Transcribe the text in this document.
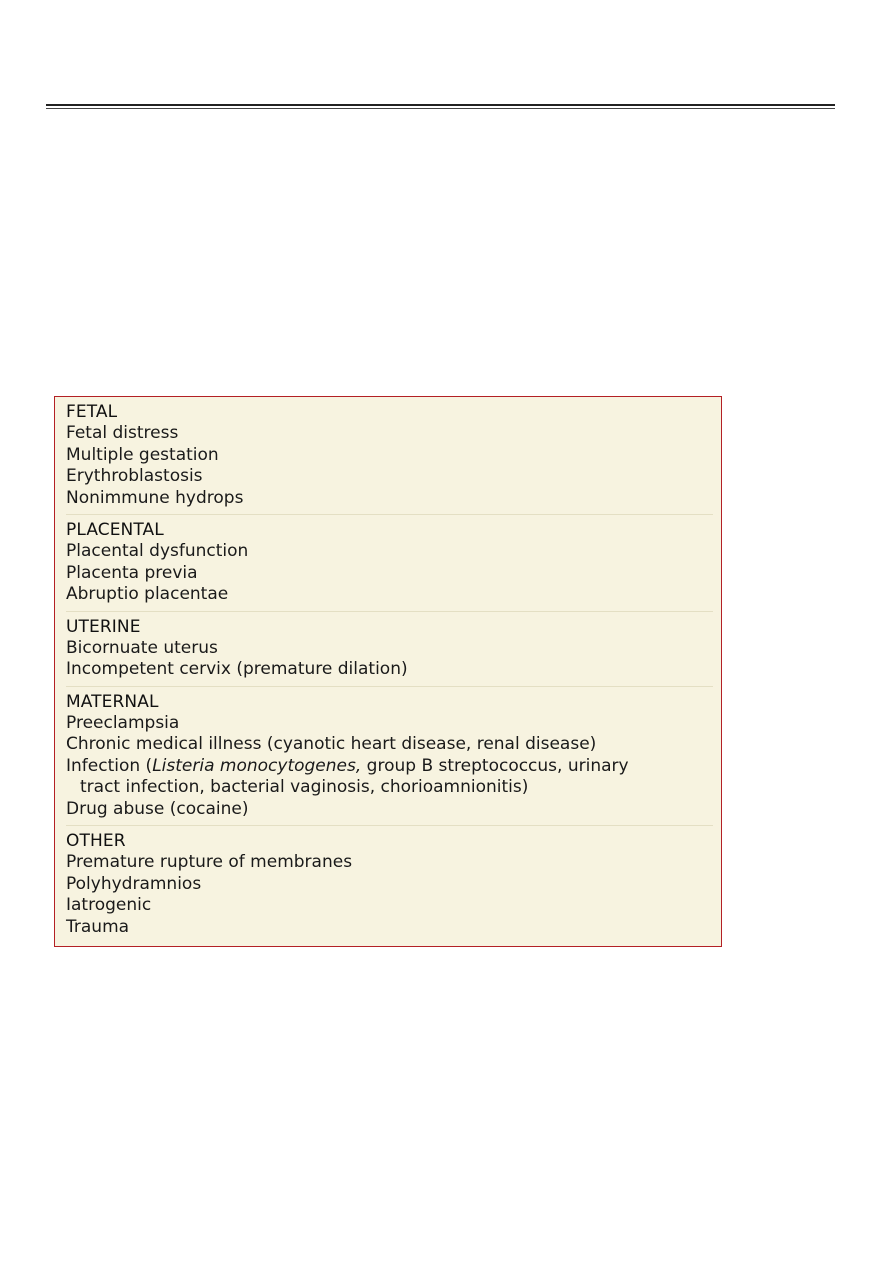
FETAL
Fetal distress
Multiple gestation
Erythroblastosis
Nonimmune hydrops
PLACENTAL
Placental dysfunction
Placenta previa
Abruptio placentae
UTERINE
Bicornuate uterus
Incompetent cervix (premature dilation)
MATERNAL
Preeclampsia
Chronic medical illness (cyanotic heart disease, renal disease)
Infection (Listeria monocytogenes, group B streptococcus, urinary
tract infection, bacterial vaginosis, chorioamnionitis)
Drug abuse (cocaine)
OTHER
Premature rupture of membranes
Polyhydramnios
Iatrogenic
Trauma
